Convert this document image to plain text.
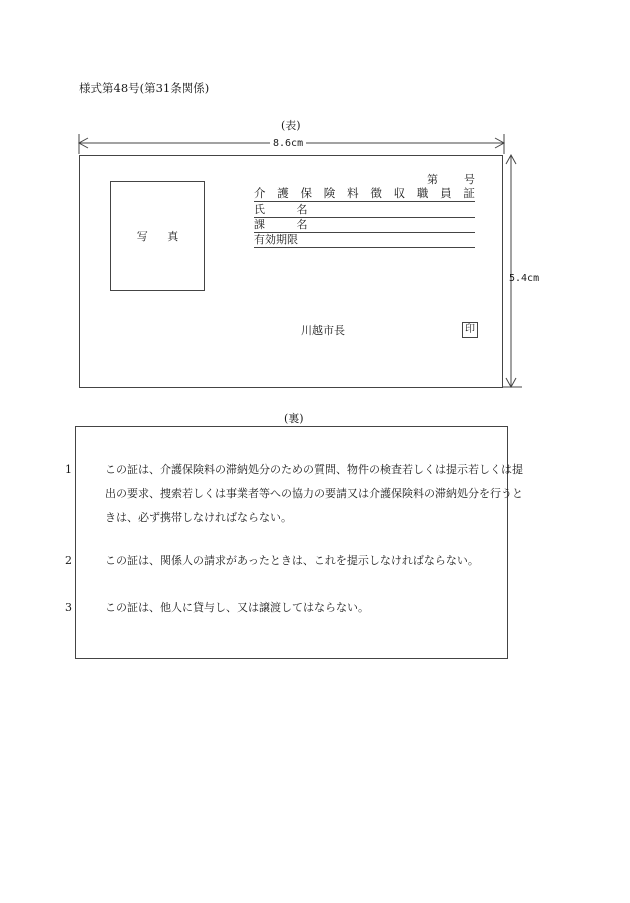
様式第48号(第31条関係)
(表)
8.6cm
5.4cm
写 真
第 号
介 護 保 険 料 徴 収 職 員 証
氏 名
課 名
有効期限
川越市長	印
(裏)
1	この証は、介護保険料の滞納処分のための質問、物件の検査若しくは提示若しくは提出の要求、捜索若しくは事業者等への協力の要請又は介護保険料の滞納処分を行うときは、必ず携帯しなければならない。
2	この証は、関係人の請求があったときは、これを提示しなければならない。
3	この証は、他人に貸与し、又は譲渡してはならない。
